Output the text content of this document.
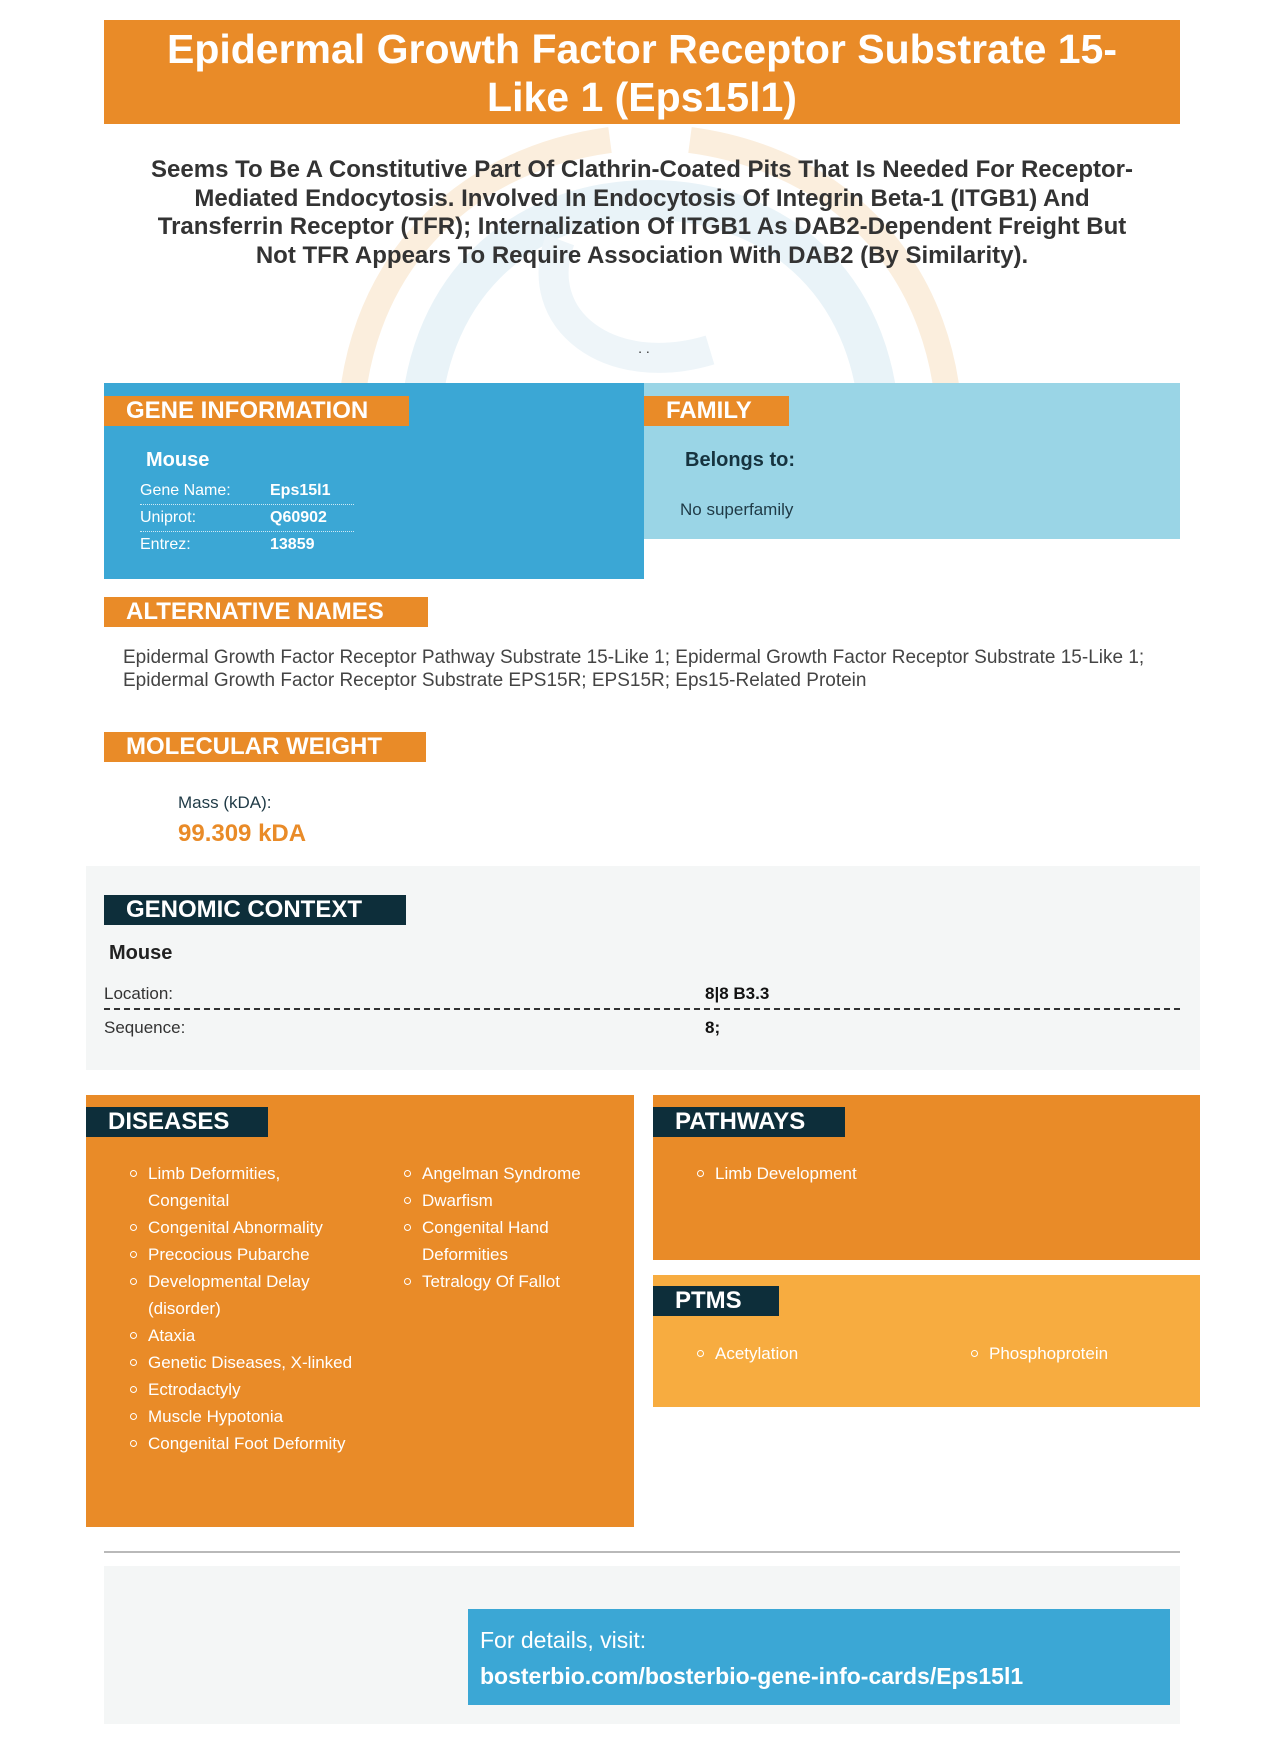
Epidermal Growth Factor Receptor Substrate 15-
Like 1 (Eps15l1)
Seems To Be A Constitutive Part Of Clathrin-Coated Pits That Is Needed For Receptor-Mediated Endocytosis. Involved In Endocytosis Of Integrin Beta-1 (ITGB1) And Transferrin Receptor (TFR); Internalization Of ITGB1 As DAB2-Dependent Freight But Not TFR Appears To Require Association With DAB2 (By Similarity).
. .
GENE INFORMATION
Mouse
Gene Name: Eps15l1
Uniprot:	Q60902
Entrez:	13859
FAMILY
Belongs to:
No superfamily
ALTERNATIVE NAMES
Epidermal Growth Factor Receptor Pathway Substrate 15-Like 1; Epidermal Growth Factor Receptor Substrate 15-Like 1; Epidermal Growth Factor Receptor Substrate EPS15R; EPS15R; Eps15-Related Protein
MOLECULAR WEIGHT
Mass (kDA):
99.309 kDA
GENOMIC CONTEXT
Mouse
Location:	8|8 B3.3
Sequence:	8;
DISEASES
Limb Deformities, Congenital
Congenital Abnormality
Precocious Pubarche
Developmental Delay (disorder)
Ataxia
Genetic Diseases, X-linked
Ectrodactyly
Muscle Hypotonia
Congenital Foot Deformity
Angelman Syndrome
Dwarfism
Congenital Hand Deformities
Tetralogy Of Fallot
PATHWAYS
Limb Development
PTMS
Acetylation	Phosphoprotein
For details, visit:
bosterbio.com/bosterbio-gene-info-cards/Eps15l1
